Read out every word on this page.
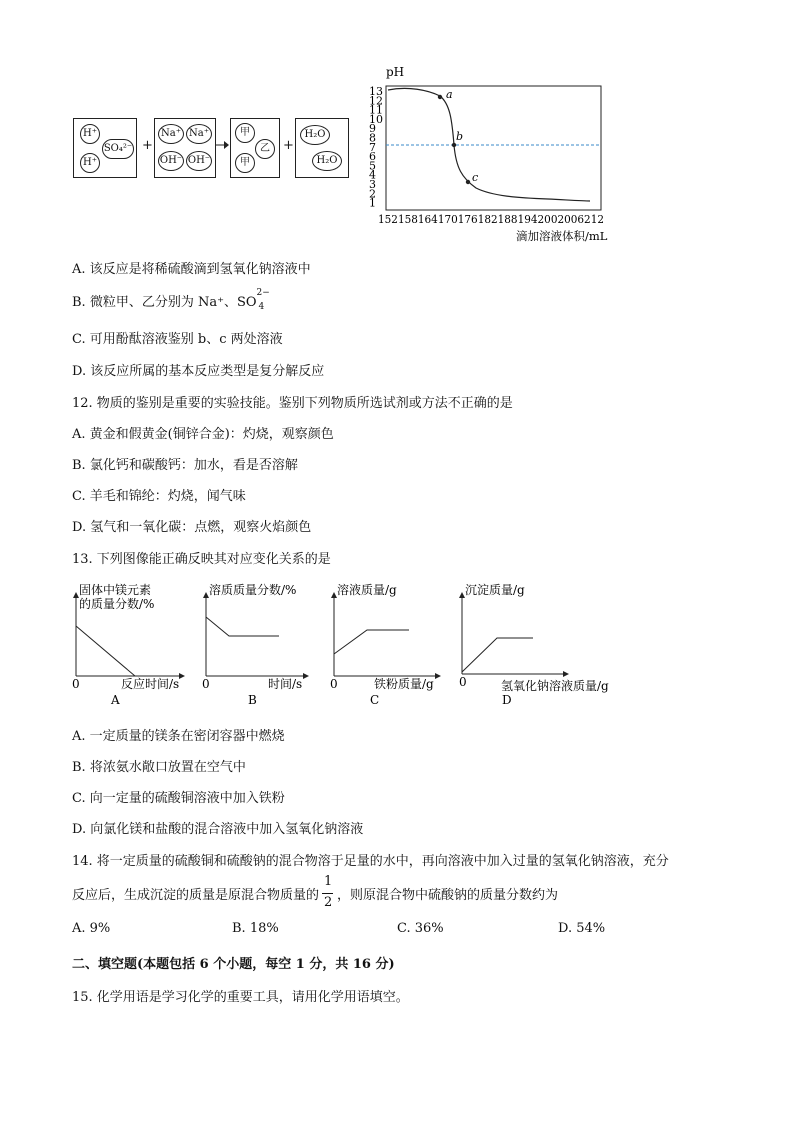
H⁺
SO₄²⁻
H⁺
+
Na⁺ Na⁺
OH⁻ OH⁻
甲
乙
甲
+
H₂O
H₂O
pH
13
12
11
10
9
8
7
6
5
4
3
2
1
a
b
c
1521581641701761821881942002006212
滴加溶液体积/mL
A. 该反应是将稀硫酸滴到氢氧化钠溶液中
B. 微粒甲、乙分别为 Na⁺、SO
2−
4
C. 可用酚酞溶液鉴别 b、c 两处溶液
D. 该反应所属的基本反应类型是复分解反应
12. 物质的鉴别是重要的实验技能。鉴别下列物质所选试剂或方法不正确的是
A. 黄金和假黄金(铜锌合金)：灼烧，观察颜色
B. 氯化钙和碳酸钙：加水，看是否溶解
C. 羊毛和锦纶：灼烧，闻气味
D. 氢气和一氧化碳：点燃，观察火焰颜色
13. 下列图像能正确反映其对应变化关系的是
固体中镁元素
的质量分数/%
0	反应时间/s
A
溶质质量分数/%
0	时间/s
B
溶液质量/g
0	铁粉质量/g
C
沉淀质量/g
0	氢氧化钠溶液质量/g
D
A. 一定质量的镁条在密闭容器中燃烧
B. 将浓氨水敞口放置在空气中
C. 向一定量的硫酸铜溶液中加入铁粉
D. 向氯化镁和盐酸的混合溶液中加入氢氧化钠溶液
14. 将一定质量的硫酸铜和硫酸钠的混合物溶于足量的水中，再向溶液中加入过量的氢氧化钠溶液，充分
反应后，生成沉淀的质量是原混合物质量的 $\frac{1}{2}$ ，则原混合物中硫酸钠的质量分数约为
A. 9%	B. 18%	C. 36%	D. 54%
二、填空题(本题包括 6 个小题，每空 1 分，共 16 分)
15. 化学用语是学习化学的重要工具，请用化学用语填空。
